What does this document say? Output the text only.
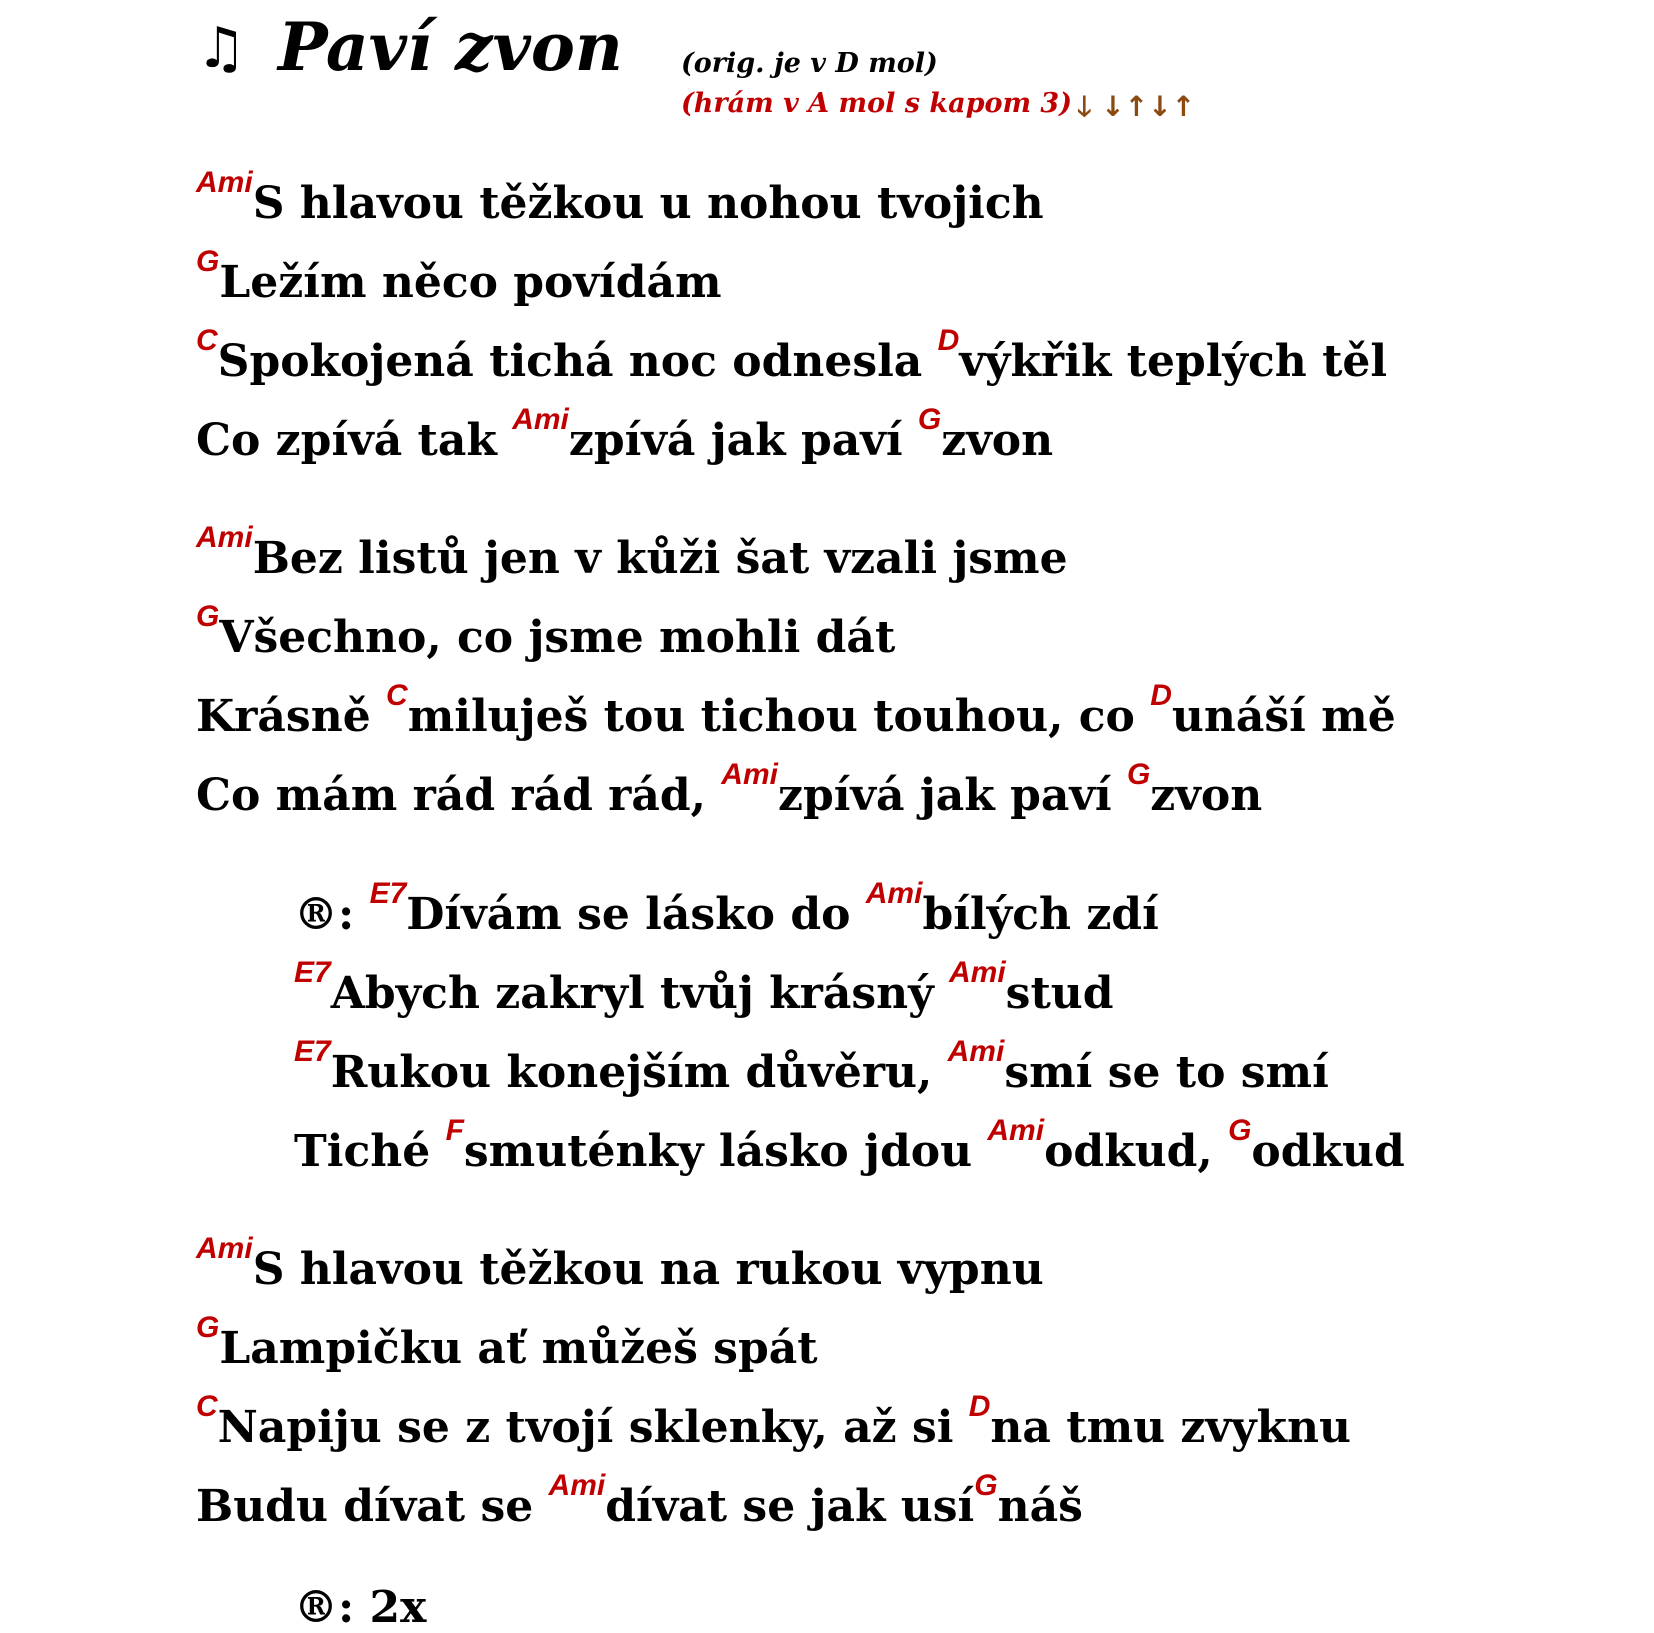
♫ Paví zvon (orig. je v D mol)
(hrám v A mol s kapom 3) 🡓 ↓↑↓↑
$^{Ami}$S hlavou těžkou u nohou tvojich
$^G$Ležím něco povídám
$^C$Spokojená tichá noc odnesla $^D$výkřik teplých těl
Co zpívá tak $^{Ami}$zpívá jak paví $^G$zvon
$^{Ami}$Bez listů jen v kůži šat vzali jsme
$^G$Všechno, co jsme mohli dát
Krásně $^C$miluješ tou tichou touhou, co $^D$unáší mě
Co mám rád rád rád, $^{Ami}$zpívá jak paví $^G$zvon
®: $^{E7}$Dívám se lásko do $^{Ami}$bílých zdí
$^{E7}$Abych zakryl tvůj krásný $^{Ami}$stud
$^{E7}$Rukou konejším důvěru, $^{Ami}$smí se to smí
Tiché $^F$smuténky lásko jdou $^{Ami}$odkud, $^G$odkud
$^{Ami}$S hlavou těžkou na rukou vypnu
$^G$Lampičku ať můžeš spát
$^C$Napiju se z tvojí sklenky, až si $^D$na tmu zvyknu
Budu dívat se $^{Ami}$dívat se jak usí$^G$náš
®: 2x
